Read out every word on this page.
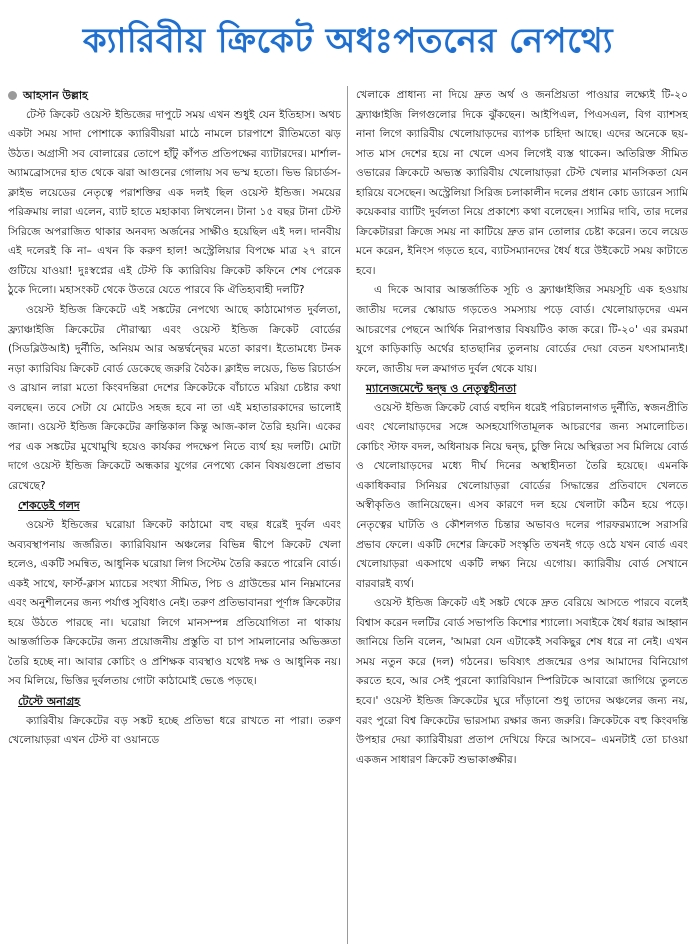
ক্যারিবীয় ক্রিকেট অধঃপতনের নেপথ্যে
আহসান উল্লাহ

টেস্ট ক্রিকেট ওয়েস্ট ইন্ডিজের দাপুটে সময় এখন শুধুই যেন ইতিহাস। অথচ একটা সময় সাদা পোশাকে ক্যারিবীয়রা মাঠে নামলে চারপাশে রীতিমতো ঝড় উঠত। অগ্রাসী সব বোলারের তোপে হাঁটু কাঁপত প্রতিপক্ষের ব্যাটারদের। মার্শাল-অ্যামব্রোসদের হাত থেকে ঝরা আগুনের গোলায় সব ভস্ম হতো। ভিভ রিচার্ডস-ক্লাইভ লয়েডের নেতৃত্বে পরাশক্তির এক দলই ছিল ওয়েস্ট ইন্ডিজ। সময়ের পরিক্রমায় লারা এলেন, ব্যাট হাতে মহাকাব্য লিখলেন। টানা ১৫ বছর টানা টেস্ট সিরিজে অপরাজিত থাকার অনবদ্য অর্জনের সাক্ষীও হয়েছিল এই দল। দানবীয় এই দলেরই কি না– এখন কি করুণ হাল! অস্ট্রেলিয়ার বিপক্ষে মাত্র ২৭ রানে গুটিয়ে যাওয়া! দুঃস্বপ্নের এই টেস্ট কি ক্যারিবিয় ক্রিকেট কফিনে শেষ পেরেক ঠুকে দিলো। মহাসংকট থেকে উতরে যেতে পারবে কি ঐতিহ্যবাহী দলটি?

ওয়েস্ট ইন্ডিজ ক্রিকেটে এই সঙ্কটের নেপথ্যে আছে কাঠামোগত দুর্বলতা, ফ্র্যাঞ্চাইজি ক্রিকেটের দৌরাত্ম্য এবং ওয়েস্ট ইন্ডিজ ক্রিকেট বোর্ডের (সিডব্লিউআই) দুর্নীতি, অনিয়ম আর অন্তর্দ্বন্দ্বের মতো কারণ। ইতোমধ্যে টনক নড়া ক্যারিবিয় ক্রিকেট বোর্ড ডেকেছে জরুরি বৈঠক। ক্লাইভ লয়েড, ভিভ রিচার্ডস ও ব্রায়ান লারা মতো কিংবদন্তিরা দেশের ক্রিকেটকে বাঁচাতে মরিয়া চেষ্টার কথা বলছেন। তবে সেটা যে মোটেও সহজ হবে না তা এই মহাতারকাদের ভালোই জানা। ওয়েস্ট ইন্ডিজ ক্রিকেটের ক্রান্তিকাল কিন্তু আজ-কাল তৈরি হয়নি। একের পর এক সঙ্কটের মুখোমুখি হয়েও কার্যকর পদক্ষেপ নিতে ব্যর্থ হয় দলটি। মোটা দাগে ওয়েস্ট ইন্ডিজ ক্রিকেটে অন্ধকার যুগের নেপথ্যে কোন বিষয়গুলো প্রভাব রেখেছে?

শেকড়েই গলদ

ওয়েস্ট ইন্ডিজের ঘরোয়া ক্রিকেট কাঠামো বহু বছর ধরেই দুর্বল এবং অব্যবস্থাপনায় জর্জরিত। ক্যারিবিয়ান অঞ্চলের বিভিন্ন দ্বীপে ক্রিকেট খেলা হলেও, একটি সমন্বিত, আধুনিক ঘরোয়া লিগ সিস্টেম তৈরি করতে পারেনি বোর্ড। একই সাথে, ফার্স্ট-ক্লাস ম্যাচের সংখ্যা সীমিত, পিচ ও গ্রাউন্ডের মান নিম্নমানের এবং অনুশীলনের জন্য পর্যাপ্ত সুবিধাও নেই। তরুণ প্রতিভাবানরা পূর্ণাঙ্গ ক্রিকেটার হয়ে উঠতে পারছে না। ঘরোয়া লিগে মানসম্পন্ন প্রতিযোগিতা না থাকায় আন্তর্জাতিক ক্রিকেটের জন্য প্রয়োজনীয় প্রস্তুতি বা চাপ সামলানোর অভিজ্ঞতা তৈরি হচ্ছে না। আবার কোচিং ও প্রশিক্ষক ব্যবস্থাও যথেষ্ট দক্ষ ও আধুনিক নয়। সব মিলিয়ে, ভিত্তির দুর্বলতায় গোটা কাঠামোই ভেঙে পড়ছে।

টেস্টে অনাগ্রহ

ক্যারিবীয় ক্রিকেটের বড় সঙ্কট হচ্ছে প্রতিভা ধরে রাখতে না পারা। তরুণ খেলোয়াড়রা এখন টেস্ট বা ওয়ানডে

খেলাকে প্রাধান্য না দিয়ে দ্রুত অর্থ ও জনপ্রিয়তা পাওয়ার লক্ষ্যেই টি-২০ ফ্র্যাঞ্চাইজি লিগগুলোর দিকে ঝুঁকছেন। আইপিএল, পিএসএল, বিগ ব্যাশসহ নানা লিগে ক্যারিবীয় খেলোয়াড়দের ব্যাপক চাহিদা আছে। এদের অনেকে ছয়-সাত মাস দেশের হয়ে না খেলে এসব লিগেই ব্যস্ত থাকেন। অতিরিক্ত সীমিত ওভারের ক্রিকেটে অভ্যস্ত ক্যারিবীয় খেলোয়াড়রা টেস্ট খেলার মানসিকতা যেন হারিয়ে বসেছেন। অস্ট্রেলিয়া সিরিজ চলাকালীন দলের প্রধান কোচ ড্যারেন স্যামি কয়েকবার ব্যাটিং দুর্বলতা নিয়ে প্রকাশ্যে কথা বলেছেন। স্যামির দাবি, তার দলের ক্রিকেটাররা ক্রিজে সময় না কাটিয়ে দ্রুত রান তোলার চেষ্টা করেন। তবে লয়েড মনে করেন, ইনিংস গড়তে হবে, ব্যাটসম্যানদের ধৈর্য ধরে উইকেটে সময় কাটাতে হবে।

এ দিকে আবার আন্তর্জাতিক সূচি ও ফ্র্যাঞ্চাইজির সময়সূচি এক হওয়ায় জাতীয় দলের স্কোয়াড গড়তেও সমস্যায় পড়ে বোর্ড। খেলোয়াড়দের এমন আচরণের পেছনে আর্থিক নিরাপত্তার বিষয়টিও কাজ করে। টি-২০' এর রমরমা যুগে কাড়িকাড়ি অর্থের হাতছানির তুলনায় বোর্ডের দেয়া বেতন যৎসামান্যই। ফলে, জাতীয় দল ক্রমাগত দুর্বল থেকে যায়।

ম্যানেজমেন্টে দ্বন্দ্ব ও নেতৃত্বহীনতা

ওয়েস্ট ইন্ডিজ ক্রিকেট বোর্ড বহুদিন ধরেই পরিচালনাগত দুর্নীতি, স্বজনপ্রীতি এবং খেলোয়াড়দের সঙ্গে অসহযোগিতামূলক আচরণের জন্য সমালোচিত। কোচিং স্টাফ বদল, অধিনায়ক নিয়ে দ্বন্দ্ব, চুক্তি নিয়ে অস্থিরতা সব মিলিয়ে বোর্ড ও খেলোয়াড়দের মধ্যে দীর্ঘ দিনের অস্থাহীনতা তৈরি হয়েছে। এমনকি একাধিকবার সিনিয়র খেলোয়াড়রা বোর্ডের সিদ্ধান্তের প্রতিবাদে খেলতে অস্বীকৃতিও জানিয়েছেন। এসব কারণে দল হয়ে খেলাটা কঠিন হয়ে পড়ে। নেতৃত্বের ঘাটতি ও কৌশলগত চিন্তার অভাবও দলের পারফরম্যান্সে সরাসরি প্রভাব ফেলে। একটি দেশের ক্রিকেট সংস্কৃতি তখনই গড়ে ওঠে যখন বোর্ড এবং খেলোয়াড়রা একসাথে একটি লক্ষ্য নিয়ে এগোয়। ক্যারিবীয় বোর্ড সেখানে বারবারই ব্যর্থ।

ওয়েস্ট ইন্ডিজ ক্রিকেট এই সঙ্কট থেকে দ্রুত বেরিয়ে আসতে পারবে বলেই বিশ্বাস করেন দলটির বোর্ড সভাপতি কিশোর শ্যালো। সবাইকে ধৈর্য ধরার আহ্বান জানিয়ে তিনি বলেন, 'আমরা যেন এটাকেই সবকিছুর শেষ ধরে না নেই। এখন সময় নতুন করে (দল) গঠনের। ভবিষ্যৎ প্রজন্মের ওপর আমাদের বিনিয়োগ করতে হবে, আর সেই পুরনো ক্যারিবিয়ান স্পিরিটকে আবারো জাগিয়ে তুলতে হবে।' ওয়েস্ট ইন্ডিজ ক্রিকেটের ঘুরে দাঁড়ানো শুধু তাদের অঞ্চলের জন্য নয়, বরং পুরো বিশ্ব ক্রিকেটের ভারসাম্য রক্ষার জন্য জরুরি। ক্রিকেটকে বহু কিংবদন্তি উপহার দেয়া ক্যারিবীয়রা প্রতাপ দেখিয়ে ফিরে আসবে– এমনটাই তো চাওয়া একজন সাধারণ ক্রিকেট শুভাকাঙ্ক্ষীর।
